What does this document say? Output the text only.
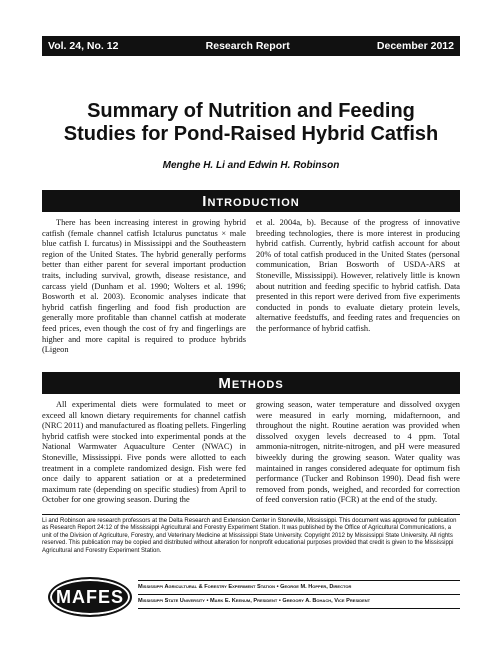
Vol. 24, No. 12	Research Report	December 2012
Summary of Nutrition and Feeding
Studies for Pond-Raised Hybrid Catfish
Menghe H. Li and Edwin H. Robinson
Introduction

There has been increasing interest in growing hybrid catfish (female channel catfish Ictalurus punctatus × male blue catfish I. furcatus) in Mississippi and the Southeastern region of the United States. The hybrid generally performs better than either parent for several important production traits, including survival, growth, disease resistance, and carcass yield (Dunham et al. 1990; Wolters et al. 1996; Bosworth et al. 2003). Economic analyses indicate that hybrid catfish fingerling and food fish production are generally more profitable than channel catfish at moderate feed prices, even though the cost of fry and fingerlings are higher and more capital is required to produce hybrids (Ligeon

et al. 2004a, b). Because of the progress of innovative breeding technologies, there is more interest in producing hybrid catfish. Currently, hybrid catfish account for about 20% of total catfish produced in the United States (personal communication, Brian Bosworth of USDA-ARS at Stoneville, Mississippi). However, relatively little is known about nutrition and feeding specific to hybrid catfish. Data presented in this report were derived from five experiments conducted in ponds to evaluate dietary protein levels, alternative feedstuffs, and feeding rates and frequencies on the performance of hybrid catfish.

Methods

All experimental diets were formulated to meet or exceed all known dietary requirements for channel catfish (NRC 2011) and manufactured as floating pellets. Fingerling hybrid catfish were stocked into experimental ponds at the National Warmwater Aquaculture Center (NWAC) in Stoneville, Mississippi. Five ponds were allotted to each treatment in a complete randomized design. Fish were fed once daily to apparent satiation or at a predetermined maximum rate (depending on specific studies) from April to October for one growing season. During the

growing season, water temperature and dissolved oxygen were measured in early morning, midafternoon, and throughout the night. Routine aeration was provided when dissolved oxygen levels decreased to 4 ppm. Total ammonia-nitrogen, nitrite-nitrogen, and pH were measured biweekly during the growing season. Water quality was maintained in ranges considered adequate for optimum fish performance (Tucker and Robinson 1990). Dead fish were removed from ponds, weighed, and recorded for correction of feed conversion ratio (FCR) at the end of the study.

Li and Robinson are research professors at the Delta Research and Extension Center in Stoneville, Mississippi. This document was approved for publication as Research Report 24:12 of the Mississippi Agricultural and Forestry Experiment Station. It was published by the Office of Agricultural Communications, a unit of the Division of Agriculture, Forestry, and Veterinary Medicine at Mississippi State University. Copyright 2012 by Mississippi State University. All rights reserved. This publication may be copied and distributed without alteration for nonprofit educational purposes provided that credit is given to the Mississippi Agricultural and Forestry Experiment Station.

MAFES	Mississippi Agricultural & Forestry Experiment Station • George M. Hopper, Director
Mississippi State University • Mark E. Keenum, President • Gregory A. Bohach, Vice President
